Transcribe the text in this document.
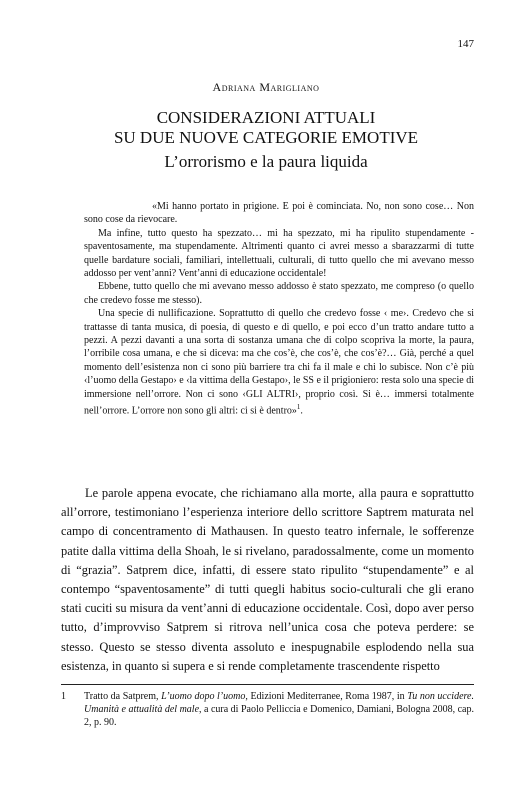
147
Adriana Marigliano
CONSIDERAZIONI ATTUALI
SU DUE NUOVE CATEGORIE EMOTIVE
L’orrorismo e la paura liquida

«Mi hanno portato in prigione. E poi è cominciata. No, non sono cose… Non sono cose da rievocare.

Ma infine, tutto questo ha spezzato… mi ha spezzato, mi ha ripulito stupendamente - spaventosamente, ma stupendamente. Altrimenti quanto ci avrei messo a sbarazzarmi di tutte quelle bardature sociali, familiari, intellettuali, culturali, di tutto quello che mi avevano messo addosso per vent’anni? Vent’anni di educazione occidentale!

Ebbene, tutto quello che mi avevano messo addosso è stato spezzato, me compreso (o quello che credevo fosse me stesso).

Una specie di nullificazione. Soprattutto di quello che credevo fosse ‹ me›. Credevo che si trattasse di tanta musica, di poesia, di questo e di quello, e poi ecco d’un tratto andare tutto a pezzi. A pezzi davanti a una sorta di sostanza umana che di colpo scopriva la morte, la paura, l’orribile cosa umana, e che si diceva: ma che cos’è, che cos’è, che cos’è?… Già, perché a quel momento dell’esistenza non ci sono più barriere tra chi fa il male e chi lo subisce. Non c’è più ‹l’uomo della Gestapo› e ‹la vittima della Gestapo›, le SS e il prigioniero: resta solo una specie di immersione nell’orrore. Non ci sono ‹GLI ALTRI›, proprio così. Si è… immersi totalmente nell’orrore. L’orrore non sono gli altri: ci si è dentro»$^1$.

Le parole appena evocate, che richiamano alla morte, alla paura e soprattutto all’orrore, testimoniano l’esperienza interiore dello scrittore Saptrem maturata nel campo di concentramento di Mathausen. In questo teatro infernale, le sofferenze patite dalla vittima della Shoah, le si rivelano, paradossalmente, come un momento di “grazia”. Satprem dice, infatti, di essere stato ripulito “stupendamente” e al contempo “spaventosamente” di tutti quegli habitus socio-culturali che gli erano stati cuciti su misura da vent’anni di educazione occidentale. Così, dopo aver perso tutto, d’improvviso Satprem si ritrova nell’unica cosa che poteva perdere: se stesso. Questo se stesso diventa assoluto e inespugnabile esplodendo nella sua esistenza, in quanto si supera e si rende completamente trascendente rispetto

1 Tratto da Satprem, L’uomo dopo l’uomo, Edizioni Mediterranee, Roma 1987, in Tu non uccidere. Umanità e attualità del male, a cura di Paolo Pelliccia e Domenico, Damiani, Bologna 2008, cap. 2, p. 90.
